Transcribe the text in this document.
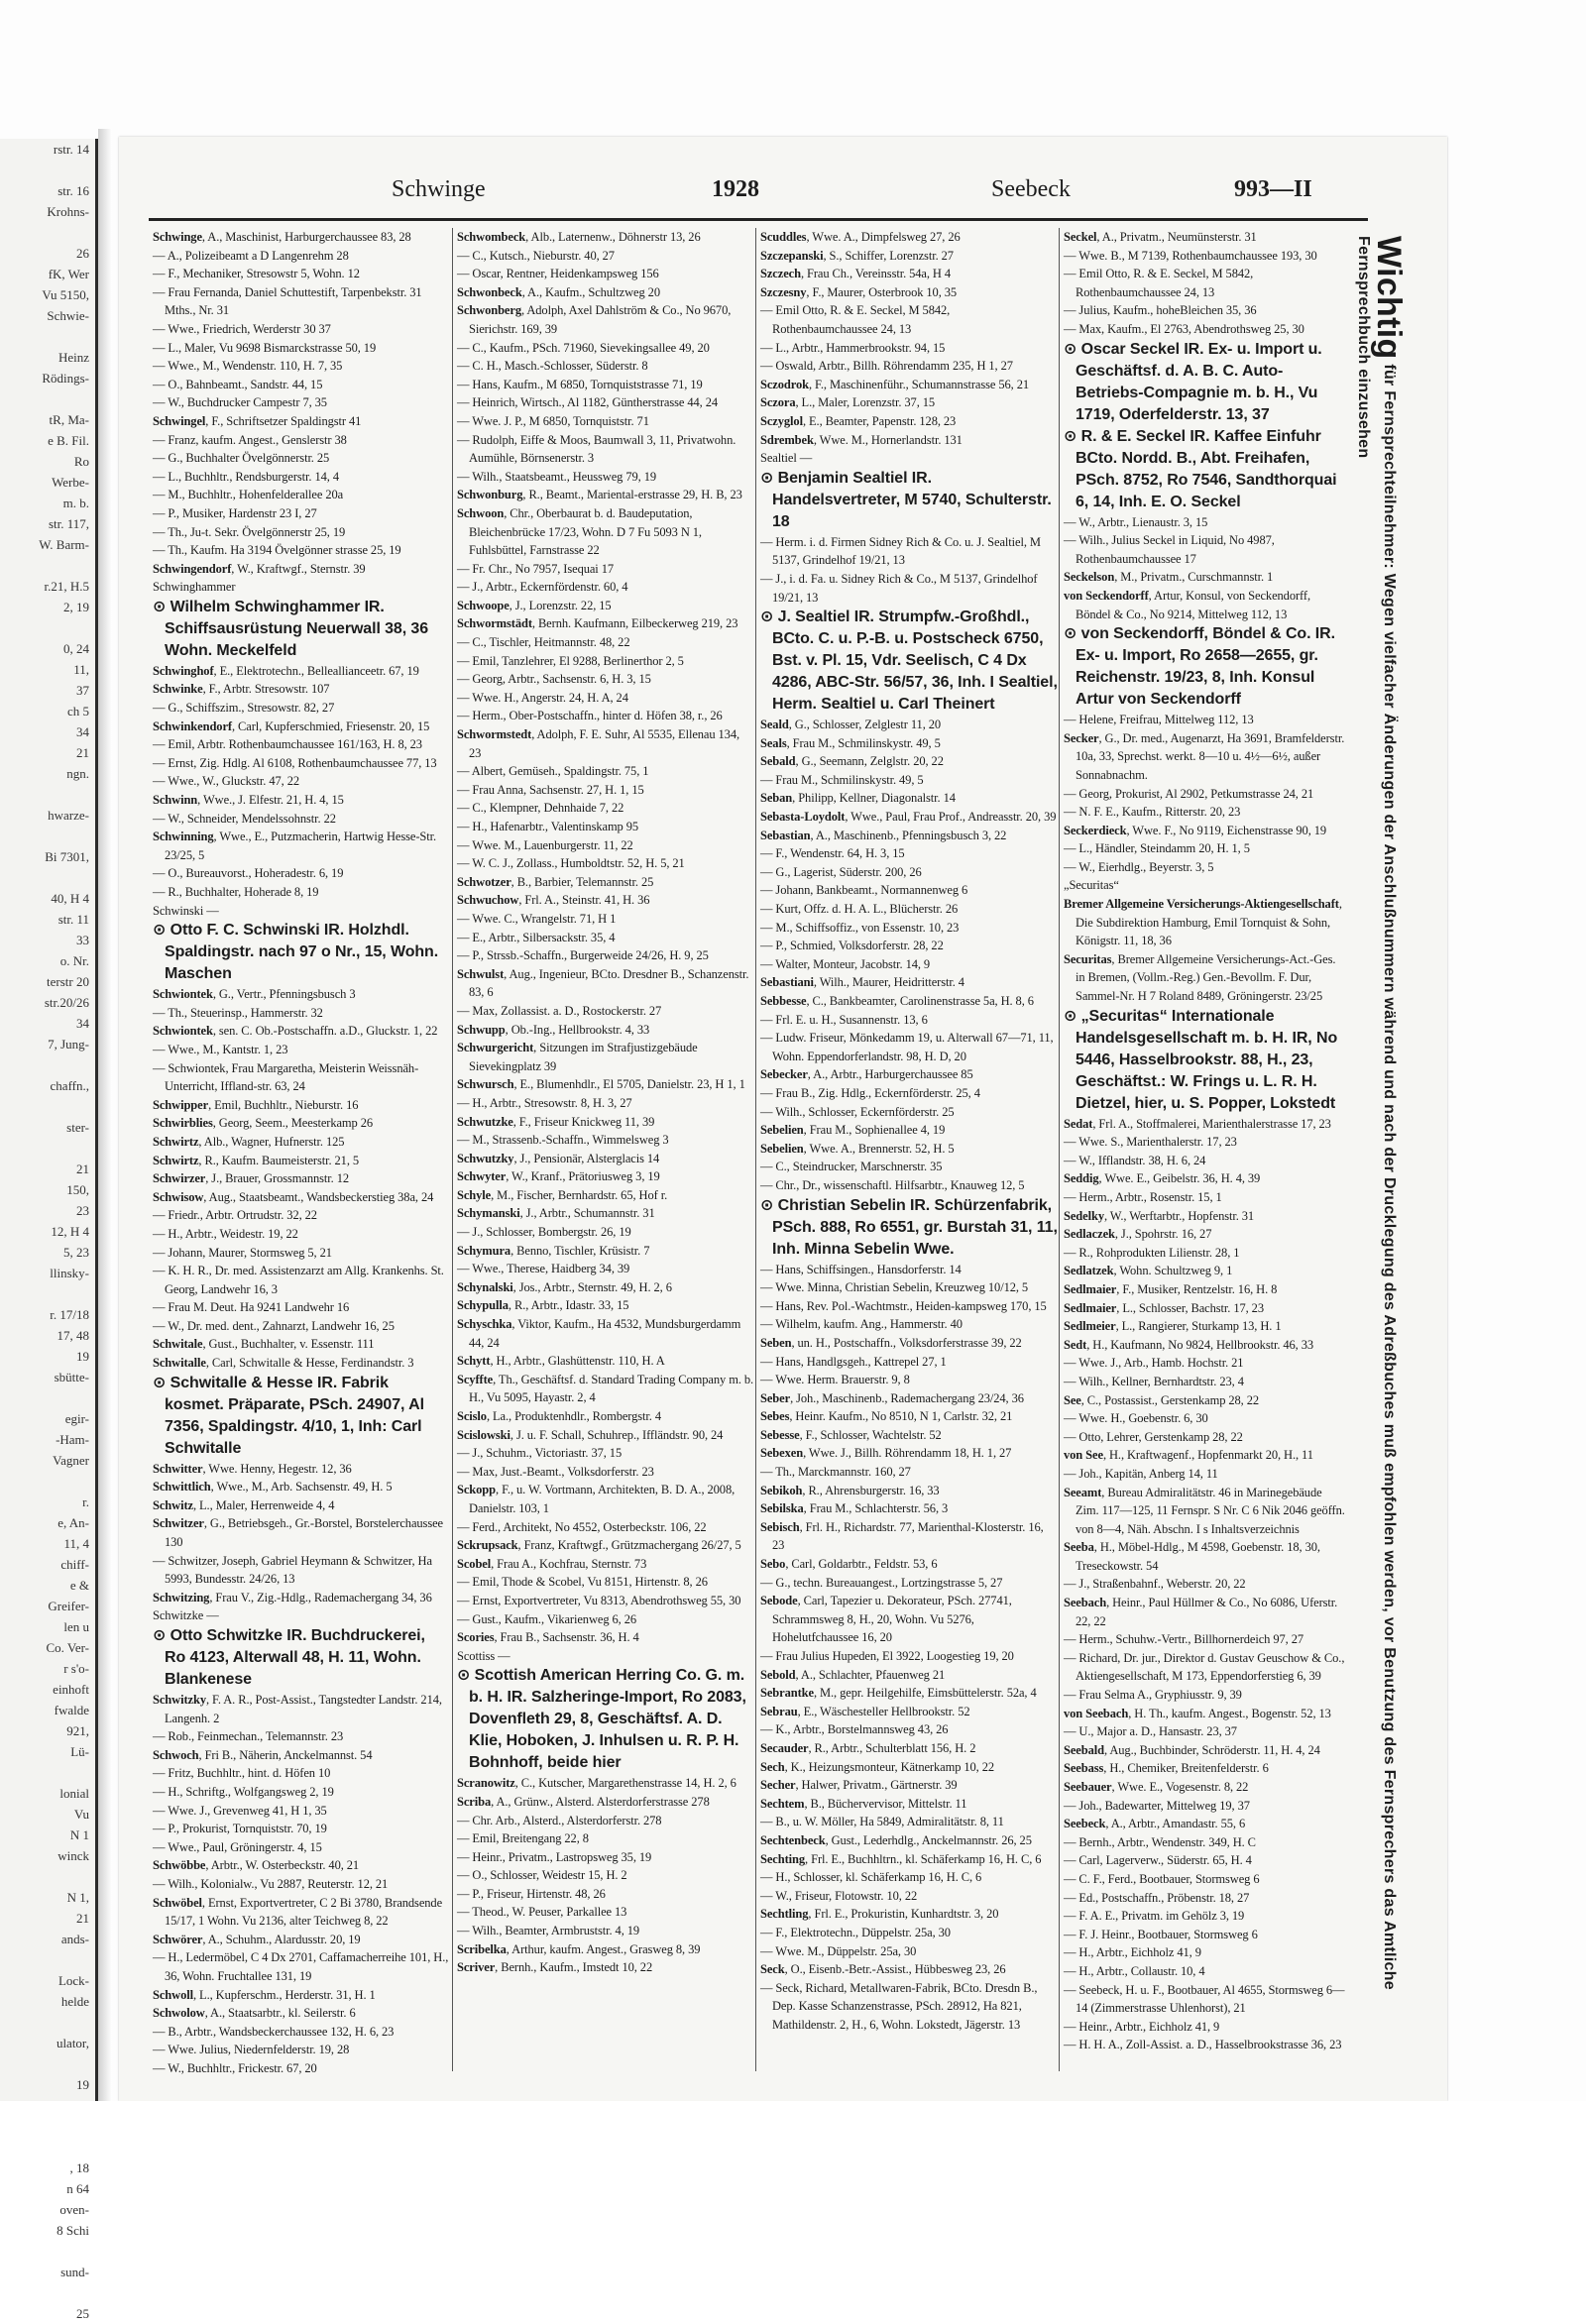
rstr. 14

str. 16
Krohns-

26
fK, Wer
Vu 5150,
Schwie-

Heinz
Rödings-

tR, Ma-
e B. Fil.
Ro
Werbe-
m. b.
str. 117,
W. Barm-

r.21, H.5
2, 19

0, 24
11,
37
ch 5
34
21
ngn.

hwarze-

Bi 7301,

40, H 4
str. 11
33
o. Nr.
terstr 20
str.20/26
34
7, Jung-

chaffn.,

ster-

21
150,
23
12, H 4
5, 23
llinsky-

r. 17/18
17, 48
19
sbütte-

egir-
-Ham-
Vagner

r.
e, An-
11, 4
chiff-
e &
Greifer-
len u
Co. Ver-
r s'o-
einhoft
fwalde
921,
Lü-

lonial
Vu
N 1
winck

N 1,
21
ands-

Lock-
helde

ulator,

19

, 18
n 64
oven-
8 Schi

sund-

25
Schwinge	1928	Seebeck	993—II

Schwinge, A., Maschinist, Harburgerchaussee 83, 28

— A., Polizeibeamt a D Langenrehm 28

— F., Mechaniker, Stresowstr 5, Wohn. 12

— Frau Fernanda, Daniel Schuttestift, Tarpenbekstr. 31 Mths., Nr. 31

— Wwe., Friedrich, Werderstr 30 37

— L., Maler, Vu 9698 Bismarckstrasse 50, 19

— Wwe., M., Wendenstr. 110, H. 7, 35

— O., Bahnbeamt., Sandstr. 44, 15

— W., Buchdrucker Campestr 7, 35

Schwingel, F., Schriftsetzer Spaldingstr 41

— Franz, kaufm. Angest., Genslerstr 38

— G., Buchhalter Övelgönnerstr. 25

— L., Buchhltr., Rendsburgerstr. 14, 4

— M., Buchhltr., Hohenfelderallee 20a

— P., Musiker, Hardenstr 23 I, 27

— Th., Ju-t. Sekr. Övelgönnerstr 25, 19

— Th., Kaufm. Ha 3194 Övelgönner strasse 25, 19

Schwingendorf, W., Kraftwgf., Sternstr. 39

Schwinghammer

⊙ Wilhelm Schwinghammer IR. Schiffsausrüstung Neuerwall 38, 36 Wohn. Meckelfeld

Schwinghof, E., Elektrotechn., Belleallianceetr. 67, 19

Schwinke, F., Arbtr. Stresowstr. 107

— G., Schiffszim., Stresowstr. 82, 27

Schwinkendorf, Carl, Kupferschmied, Friesenstr. 20, 15

— Emil, Arbtr. Rothenbaumchaussee 161/163, H. 8, 23

— Ernst, Zig. Hdlg. Al 6108, Rothenbaumchaussee 77, 13

— Wwe., W., Gluckstr. 47, 22

Schwinn, Wwe., J. Elfestr. 21, H. 4, 15

— W., Schneider, Mendelssohnstr. 22

Schwinning, Wwe., E., Putzmacherin, Hartwig Hesse-Str. 23/25, 5

— O., Bureauvorst., Hoheradestr. 6, 19

— R., Buchhalter, Hoherade 8, 19

Schwinski —

⊙ Otto F. C. Schwinski IR. Holzhdl. Spaldingstr. nach 97 o Nr., 15, Wohn. Maschen

Schwiontek, G., Vertr., Pfenningsbusch 3

— Th., Steuerinsp., Hammerstr. 32

Schwiontek, sen. C. Ob.-Postschaffn. a.D., Gluckstr. 1, 22

— Wwe., M., Kantstr. 1, 23

— Schwiontek, Frau Margaretha, Meisterin Weissnäh- Unterricht, Iffland-str. 63, 24

Schwipper, Emil, Buchhltr., Nieburstr. 16

Schwirblies, Georg, Seem., Meesterkamp 26

Schwirtz, Alb., Wagner, Hufnerstr. 125

Schwirtz, R., Kaufm. Baumeisterstr. 21, 5

Schwirzer, J., Brauer, Grossmannstr. 12

Schwisow, Aug., Staatsbeamt., Wandsbeckerstieg 38a, 24

— Friedr., Arbtr. Ortrudstr. 32, 22

— H., Arbtr., Weidestr. 19, 22

— Johann, Maurer, Stormsweg 5, 21

— K. H. R., Dr. med. Assistenzarzt am Allg. Krankenhs. St. Georg, Landwehr 16, 3

— Frau M. Deut. Ha 9241 Landwehr 16

— W., Dr. med. dent., Zahnarzt, Landwehr 16, 25

Schwitale, Gust., Buchhalter, v. Essenstr. 111

Schwitalle, Carl, Schwitalle & Hesse, Ferdinandstr. 3

⊙ Schwitalle & Hesse IR. Fabrik kosmet. Präparate, PSch. 24907, Al 7356, Spaldingstr. 4/10, 1, Inh: Carl Schwitalle

Schwitter, Wwe. Henny, Hegestr. 12, 36

Schwittlich, Wwe., M., Arb. Sachsenstr. 49, H. 5

Schwitz, L., Maler, Herrenweide 4, 4

Schwitzer, G., Betriebsgeh., Gr.-Borstel, Borstelerchaussee 130

— Schwitzer, Joseph, Gabriel Heymann & Schwitzer, Ha 5993, Bundesstr. 24/26, 13

Schwitzing, Frau V., Zig.-Hdlg., Rademachergang 34, 36

Schwitzke —

⊙ Otto Schwitzke IR. Buchdruckerei, Ro 4123, Alterwall 48, H. 11, Wohn. Blankenese

Schwitzky, F. A. R., Post-Assist., Tangstedter Landstr. 214, Langenh. 2

— Rob., Feinmechan., Telemannstr. 23

Schwoch, Fri B., Näherin, Anckelmannst. 54

— Fritz, Buchhltr., hint. d. Höfen 10

— H., Schriftg., Wolfgangsweg 2, 19

— Wwe. J., Grevenweg 41, H 1, 35

— P., Prokurist, Tornquiststr. 70, 19

— Wwe., Paul, Gröningerstr. 4, 15

Schwöbbe, Arbtr., W. Osterbeckstr. 40, 21

— Wilh., Kolonialw., Vu 2887, Reuterstr. 12, 21

Schwöbel, Ernst, Exportvertreter, C 2 Bi 3780, Brandsende 15/17, 1 Wohn. Vu 2136, alter Teichweg 8, 22

Schwörer, A., Schuhm., Alardusstr. 20, 19

— H., Ledermöbel, C 4 Dx 2701, Caffamacherreihe 101, H., 36, Wohn. Fruchtallee 131, 19

Schwoll, L., Kupferschm., Herderstr. 31, H. 1

Schwolow, A., Staatsarbtr., kl. Seilerstr. 6

— B., Arbtr., Wandsbeckerchaussee 132, H. 6, 23

— Wwe. Julius, Niedernfelderstr. 19, 28

— W., Buchhltr., Frickestr. 67, 20

Schwombeck, Alb., Laternenw., Döhnerstr 13, 26

— C., Kutsch., Nieburstr. 40, 27

— Oscar, Rentner, Heidenkampsweg 156

Schwonbeck, A., Kaufm., Schultzweg 20

Schwonberg, Adolph, Axel Dahlström & Co., No 9670, Sierichstr. 169, 39

— C., Kaufm., PSch. 71960, Sievekingsallee 49, 20

— C. H., Masch.-Schlosser, Süderstr. 8

— Hans, Kaufm., M 6850, Tornquiststrasse 71, 19

— Heinrich, Wirtsch., Al 1182, Güntherstrasse 44, 24

— Wwe. J. P., M 6850, Tornquiststr. 71

— Rudolph, Eiffe & Moos, Baumwall 3, 11, Privatwohn. Aumühle, Börnsenerstr. 3

— Wilh., Staatsbeamt., Heussweg 79, 19

Schwonburg, R., Beamt., Mariental-erstrasse 29, H. B, 23

Schwoon, Chr., Oberbaurat b. d. Baudeputation, Bleichenbrücke 17/23, Wohn. D 7 Fu 5093 N 1, Fuhlsbüttel, Farnstrasse 22

— Fr. Chr., No 7957, Isequai 17

— J., Arbtr., Eckernfördenstr. 60, 4

Schwoope, J., Lorenzstr. 22, 15

Schwormstädt, Bernh. Kaufmann, Eilbeckerweg 219, 23

— C., Tischler, Heitmannstr. 48, 22

— Emil, Tanzlehrer, El 9288, Berlinerthor 2, 5

— Georg, Arbtr., Sachsenstr. 6, H. 3, 15

— Wwe. H., Angerstr. 24, H. A, 24

— Herm., Ober-Postschaffn., hinter d. Höfen 38, r., 26

Schwormstedt, Adolph, F. E. Suhr, Al 5535, Ellenau 134, 23

— Albert, Gemüseh., Spaldingstr. 75, 1

— Frau Anna, Sachsenstr. 27, H. 1, 15

— C., Klempner, Dehnhaide 7, 22

— H., Hafenarbtr., Valentinskamp 95

— Wwe. M., Lauenburgerstr. 11, 22

— W. C. J., Zollass., Humboldtstr. 52, H. 5, 21

Schwotzer, B., Barbier, Telemannstr. 25

Schwuchow, Frl. A., Steinstr. 41, H. 36

— Wwe. C., Wrangelstr. 71, H 1

— E., Arbtr., Silbersackstr. 35, 4

— P., Strssb.-Schaffn., Burgerweide 24/26, H. 9, 25

Schwulst, Aug., Ingenieur, BCto. Dresdner B., Schanzenstr. 83, 6

— Max, Zollassist. a. D., Rostockerstr. 27

Schwupp, Ob.-Ing., Hellbrookstr. 4, 33

Schwurgericht, Sitzungen im Strafjustizgebäude Sievekingplatz 39

Schwursch, E., Blumenhdlr., El 5705, Danielstr. 23, H 1, 1

— H., Arbtr., Stresowstr. 8, H. 3, 27

Schwutzke, F., Friseur Knickweg 11, 39

— M., Strassenb.-Schaffn., Wimmelsweg 3

Schwutzky, J., Pensionär, Alsterglacis 14

Schwyter, W., Kranf., Prätoriusweg 3, 19

Schyle, M., Fischer, Bernhardstr. 65, Hof r.

Schymanski, J., Arbtr., Schumannstr. 31

— J., Schlosser, Bombergstr. 26, 19

Schymura, Benno, Tischler, Krüsistr. 7

— Wwe., Therese, Haidberg 34, 39

Schynalski, Jos., Arbtr., Sternstr. 49, H. 2, 6

Schypulla, R., Arbtr., Idastr. 33, 15

Schyschka, Viktor, Kaufm., Ha 4532, Mundsburgerdamm 44, 24

Schytt, H., Arbtr., Glashüttenstr. 110, H. A

Scyffte, Th., Geschäftsf. d. Standard Trading Company m. b. H., Vu 5095, Hayastr. 2, 4

Scislo, La., Produktenhdlr., Rombergstr. 4

Scislowski, J. u. F. Schall, Schuhrep., Iffländstr. 90, 24

— J., Schuhm., Victoriastr. 37, 15

— Max, Just.-Beamt., Volksdorferstr. 23

Sckopp, F., u. W. Vortmann, Architekten, B. D. A., 2008, Danielstr. 103, 1

— Ferd., Architekt, No 4552, Osterbeckstr. 106, 22

Sckrupsack, Franz, Kraftwgf., Grützmachergang 26/27, 5

Scobel, Frau A., Kochfrau, Sternstr. 73

— Emil, Thode & Scobel, Vu 8151, Hirtenstr. 8, 26

— Ernst, Exportvertreter, Vu 8313, Abendrothsweg 55, 30

— Gust., Kaufm., Vikarienweg 6, 26

Scories, Frau B., Sachsenstr. 36, H. 4

Scottiss —

⊙ Scottish American Herring Co. G. m. b. H. IR. Salzheringe-Import, Ro 2083, Dovenfleth 29, 8, Geschäftsf. A. D. Klie, Hoboken, J. Inhulsen u. R. P. H. Bohnhoff, beide hier

Scranowitz, C., Kutscher, Margarethenstrasse 14, H. 2, 6

Scriba, A., Grünw., Alsterd. Alsterdorferstrasse 278

— Chr. Arb., Alsterd., Alsterdorferstr. 278

— Emil, Breitengang 22, 8

— Heinr., Privatm., Lastropsweg 35, 19

— O., Schlosser, Weidestr 15, H. 2

— P., Friseur, Hirtenstr. 48, 26

— Theod., W. Peuser, Parkallee 13

— Wilh., Beamter, Armbruststr. 4, 19

Scribelka, Arthur, kaufm. Angest., Grasweg 8, 39

Scriver, Bernh., Kaufm., Imstedt 10, 22

Scuddles, Wwe. A., Dimpfelsweg 27, 26

Szczepanski, S., Schiffer, Lorenzstr. 27

Szczech, Frau Ch., Vereinsstr. 54a, H 4

Szczesny, F., Maurer, Osterbrook 10, 35

— Emil Otto, R. & E. Seckel, M 5842, Rothenbaumchaussee 24, 13

— L., Arbtr., Hammerbrookstr. 94, 15

— Oswald, Arbtr., Billh. Röhrendamm 235, H 1, 27

Sczodrok, F., Maschinenführ., Schumannstrasse 56, 21

Sczora, L., Maler, Lorenzstr. 37, 15

Sczyglol, E., Beamter, Papenstr. 128, 23

Sdrembek, Wwe. M., Hornerlandstr. 131

Sealtiel —

⊙ Benjamin Sealtiel IR. Handelsvertreter, M 5740, Schulterstr. 18

— Herm. i. d. Firmen Sidney Rich & Co. u. J. Sealtiel, M 5137, Grindelhof 19/21, 13

— J., i. d. Fa. u. Sidney Rich & Co., M 5137, Grindelhof 19/21, 13

⊙ J. Sealtiel IR. Strumpfw.-Großhdl., BCto. C. u. P.-B. u. Postscheck 6750, Bst. v. Pl. 15, Vdr. Seelisch, C 4 Dx 4286, ABC-Str. 56/57, 36, Inh. I Sealtiel, Herm. Sealtiel u. Carl Theinert

Seald, G., Schlosser, Zelglestr 11, 20

Seals, Frau M., Schmilinskystr. 49, 5

Sebald, G., Seemann, Zelglstr. 20, 22

— Frau M., Schmilinskystr. 49, 5

Seban, Philipp, Kellner, Diagonalstr. 14

Sebasta-Loydolt, Wwe., Paul, Frau Prof., Andreasstr. 20, 39

Sebastian, A., Maschinenb., Pfenningsbusch 3, 22

— F., Wendenstr. 64, H. 3, 15

— G., Lagerist, Süderstr. 200, 26

— Johann, Bankbeamt., Normannenweg 6

— Kurt, Offz. d. H. A. L., Blücherstr. 26

— M., Schiffsoffiz., von Essenstr. 10, 23

— P., Schmied, Volksdorferstr. 28, 22

— Walter, Monteur, Jacobstr. 14, 9

Sebastiani, Wilh., Maurer, Heidritterstr. 4

Sebbesse, C., Bankbeamter, Carolinenstrasse 5a, H. 8, 6

— Frl. E. u. H., Susannenstr. 13, 6

— Ludw. Friseur, Mönkedamm 19, u. Alterwall 67—71, 11, Wohn. Eppendorferlandstr. 98, H. D, 20

Sebecker, A., Arbtr., Harburgerchaussee 85

— Frau B., Zig. Hdlg., Eckernförderstr. 25, 4

— Wilh., Schlosser, Eckernförderstr. 25

Sebelien, Frau M., Sophienallee 4, 19

Sebelien, Wwe. A., Brennerstr. 52, H. 5

— C., Steindrucker, Marschnerstr. 35

— Chr., Dr., wissenschaftl. Hilfsarbtr., Knauweg 12, 5

⊙ Christian Sebelin IR. Schürzenfabrik, PSch. 888, Ro 6551, gr. Burstah 31, 11, Inh. Minna Sebelin Wwe.

— Hans, Schiffsingen., Hansdorferstr. 14

— Wwe. Minna, Christian Sebelin, Kreuzweg 10/12, 5

— Hans, Rev. Pol.-Wachtmstr., Heiden-kampsweg 170, 15

— Wilhelm, kaufm. Ang., Hammerstr. 40

Seben, un. H., Postschaffn., Volksdorferstrasse 39, 22

— Hans, Handlgsgeh., Kattrepel 27, 1

— Wwe. Herm. Brauerstr. 9, 8

Seber, Joh., Maschinenb., Rademachergang 23/24, 36

Sebes, Heinr. Kaufm., No 8510, N 1, Carlstr. 32, 21

Sebesse, F., Schlosser, Wachtelstr. 52

Sebexen, Wwe. J., Billh. Röhrendamm 18, H. 1, 27

— Th., Marckmannstr. 160, 27

Sebikoh, R., Ahrensburgerstr. 16, 33

Sebilska, Frau M., Schlachterstr. 56, 3

Sebisch, Frl. H., Richardstr. 77, Marienthal-Klosterstr. 16, 23

Sebo, Carl, Goldarbtr., Feldstr. 53, 6

— G., techn. Bureauangest., Lortzingstrasse 5, 27

Sebode, Carl, Tapezier u. Dekorateur, PSch. 27741, Schrammsweg 8, H., 20, Wohn. Vu 5276, Hohelutfchaussee 16, 20

— Frau Julius Hupeden, El 3922, Loogestieg 19, 20

Sebold, A., Schlachter, Pfauenweg 21

Sebrantke, M., gepr. Heilgehilfe, Eimsbüttelerstr. 52a, 4

Sebrau, E., Wäschesteller Hellbrookstr. 52

— K., Arbtr., Borstelmannsweg 43, 26

Secauder, R., Arbtr., Schulterblatt 156, H. 2

Sech, K., Heizungsmonteur, Kätnerkamp 10, 22

Secher, Halwer, Privatm., Gärtnerstr. 39

Sechtem, B., Büchervervisor, Mittelstr. 11

— B., u. W. Möller, Ha 5849, Admiralitätstr. 8, 11

Sechtenbeck, Gust., Lederhdlg., Anckelmannstr. 26, 25

Sechting, Frl. E., Buchhltrn., kl. Schäferkamp 16, H. C, 6

— H., Schlosser, kl. Schäferkamp 16, H. C, 6

— W., Friseur, Flotowstr. 10, 22

Sechtling, Frl. E., Prokuristin, Kunhardtstr. 3, 20

— F., Elektrotechn., Düppelstr. 25a, 30

— Wwe. M., Düppelstr. 25a, 30

Seck, O., Eisenb.-Betr.-Assist., Hübbesweg 23, 26

— Seck, Richard, Metallwaren-Fabrik, BCto. Dresdn B., Dep. Kasse Schanzenstrasse, PSch. 28912, Ha 821, Mathildenstr. 2, H., 6, Wohn. Lokstedt, Jägerstr. 13

Seckel, A., Privatm., Neumünsterstr. 31

— Wwe. B., M 7139, Rothenbaumchaussee 193, 30

— Emil Otto, R. & E. Seckel, M 5842, Rothenbaumchaussee 24, 13

— Julius, Kaufm., hoheBleichen 35, 36

— Max, Kaufm., El 2763, Abendrothsweg 25, 30

⊙ Oscar Seckel IR. Ex- u. Import u. Geschäftsf. d. A. B. C. Auto-Betriebs-Compagnie m. b. H., Vu 1719, Oderfelderstr. 13, 37

⊙ R. & E. Seckel IR. Kaffee Einfuhr BCto. Nordd. B., Abt. Freihafen, PSch. 8752, Ro 7546, Sandthorquai 6, 14, Inh. E. O. Seckel

— W., Arbtr., Lienaustr. 3, 15

— Wilh., Julius Seckel in Liquid, No 4987, Rothenbaumchaussee 17

Seckelson, M., Privatm., Curschmannstr. 1

von Seckendorff, Artur, Konsul, von Seckendorff, Böndel & Co., No 9214, Mittelweg 112, 13

⊙ von Seckendorff, Böndel & Co. IR. Ex- u. Import, Ro 2658—2655, gr. Reichenstr. 19/23, 8, Inh. Konsul Artur von Seckendorff

— Helene, Freifrau, Mittelweg 112, 13

Secker, G., Dr. med., Augenarzt, Ha 3691, Bramfelderstr. 10a, 33, Sprechst. werkt. 8—10 u. 4½—6½, außer Sonnabnachm.

— Georg, Prokurist, Al 2902, Petkumstrasse 24, 21

— N. F. E., Kaufm., Ritterstr. 20, 23

Seckerdieck, Wwe. F., No 9119, Eichenstrasse 90, 19

— L., Händler, Steindamm 20, H. 1, 5

— W., Eierhdlg., Beyerstr. 3, 5

„Securitas“

Bremer Allgemeine Versicherungs-Aktiengesellschaft, Die Subdirektion Hamburg, Emil Tornquist & Sohn, Königstr. 11, 18, 36

Securitas, Bremer Allgemeine Versicherungs-Act.-Ges. in Bremen, (Vollm.-Reg.) Gen.-Bevollm. F. Dur, Sammel-Nr. H 7 Roland 8489, Gröningerstr. 23/25

⊙ „Securitas“ Internationale Handelsgesellschaft m. b. H. IR, No 5446, Hasselbrookstr. 88, H., 23, Geschäftst.: W. Frings u. L. R. H. Dietzel, hier, u. S. Popper, Lokstedt

Sedat, Frl. A., Stoffmalerei, Marienthalerstrasse 17, 23

— Wwe. S., Marienthalerstr. 17, 23

— W., Ifflandstr. 38, H. 6, 24

Seddig, Wwe. E., Geibelstr. 36, H. 4, 39

— Herm., Arbtr., Rosenstr. 15, 1

Sedelky, W., Werftarbtr., Hopfenstr. 31

Sedlaczek, J., Spohrstr. 16, 27

— R., Rohprodukten Lilienstr. 28, 1

Sedlatzek, Wohn. Schultzweg 9, 1

Sedlmaier, F., Musiker, Rentzelstr. 16, H. 8

Sedlmaier, L., Schlosser, Bachstr. 17, 23

Sedlmeier, L., Rangierer, Sturkamp 13, H. 1

Sedt, H., Kaufmann, No 9824, Hellbrookstr. 46, 33

— Wwe. J., Arb., Hamb. Hochstr. 21

— Wilh., Kellner, Bernhardtstr. 23, 4

See, C., Postassist., Gerstenkamp 28, 22

— Wwe. H., Goebenstr. 6, 30

— Otto, Lehrer, Gerstenkamp 28, 22

von See, H., Kraftwagenf., Hopfenmarkt 20, H., 11

— Joh., Kapitän, Anberg 14, 11

Seeamt, Bureau Admiralitätstr. 46 in Marinegebäude Zim. 117—125, 11 Fernspr. S Nr. C 6 Nik 2046 geöffn. von 8—4, Näh. Abschn. I s Inhaltsverzeichnis

Seeba, H., Möbel-Hdlg., M 4598, Goebenstr. 18, 30, Treseckowstr. 54

— J., Straßenbahnf., Weberstr. 20, 22

Seebach, Heinr., Paul Hüllmer & Co., No 6086, Uferstr. 22, 22

— Herm., Schuhw.-Vertr., Billhornerdeich 97, 27

— Richard, Dr. jur., Direktor d. Gustav Geuschow & Co., Aktiengesellschaft, M 173, Eppendorferstieg 6, 39

— Frau Selma A., Gryphiusstr. 9, 39

von Seebach, H. Th., kaufm. Angest., Bogenstr. 52, 13

— U., Major a. D., Hansastr. 23, 37

Seebald, Aug., Buchbinder, Schröderstr. 11, H. 4, 24

Seebass, H., Chemiker, Breitenfelderstr. 6

Seebauer, Wwe. E., Vogesenstr. 8, 22

— Joh., Badewarter, Mittelweg 19, 37

Seebeck, A., Arbtr., Amandastr. 55, 6

— Bernh., Arbtr., Wendenstr. 349, H. C

— Carl, Lagerverw., Süderstr. 65, H. 4

— C. F., Ferd., Bootbauer, Stormsweg 6

— Ed., Postschaffn., Pröbenstr. 18, 27

— F. A. E., Privatm. im Gehölz 3, 19

— F. J. Heinr., Bootbauer, Stormsweg 6

— H., Arbtr., Eichholz 41, 9

— H., Arbtr., Collaustr. 10, 4

— Seebeck, H. u. F., Bootbauer, Al 4655, Stormsweg 6—14 (Zimmerstrasse Uhlenhorst), 21

— Heinr., Arbtr., Eichholz 41, 9

— H. H. A., Zoll-Assist. a. D., Hasselbrookstrasse 36, 23

Wichtig für Fernsprechteilnehmer: Wegen vielfacher Änderungen der Anschlußnummern während und nach der Drucklegung des Adreßbuches muß empfohlen werden, vor Benutzung des Fernsprechers das Amtliche Fernsprechbuch einzusehen
